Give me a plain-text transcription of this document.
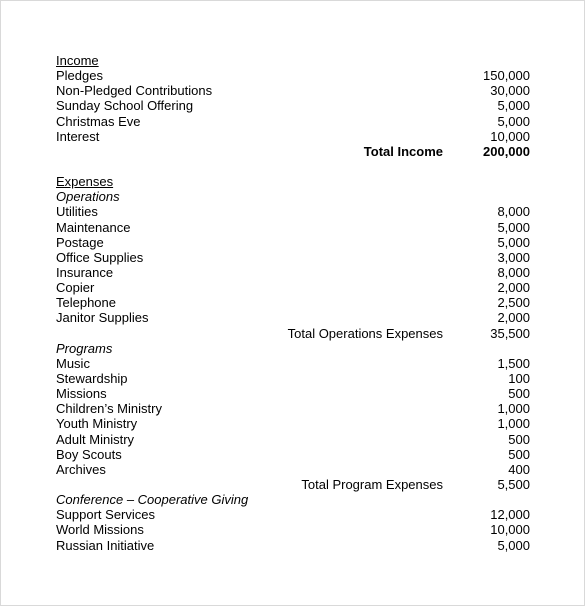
Income
Pledges	150,000
Non-Pledged Contributions	30,000
Sunday School Offering	5,000
Christmas Eve	5,000
Interest	10,000
Total Income	200,000
Expenses
Operations
Utilities	8,000
Maintenance	5,000
Postage	5,000
Office Supplies	3,000
Insurance	8,000
Copier	2,000
Telephone	2,500
Janitor Supplies	2,000
Total Operations Expenses	35,500
Programs
Music	1,500
Stewardship	100
Missions	500
Children’s Ministry	1,000
Youth Ministry	1,000
Adult Ministry	500
Boy Scouts	500
Archives	400
Total Program Expenses	5,500
Conference – Cooperative Giving
Support Services	12,000
World Missions	10,000
Russian Initiative	5,000
